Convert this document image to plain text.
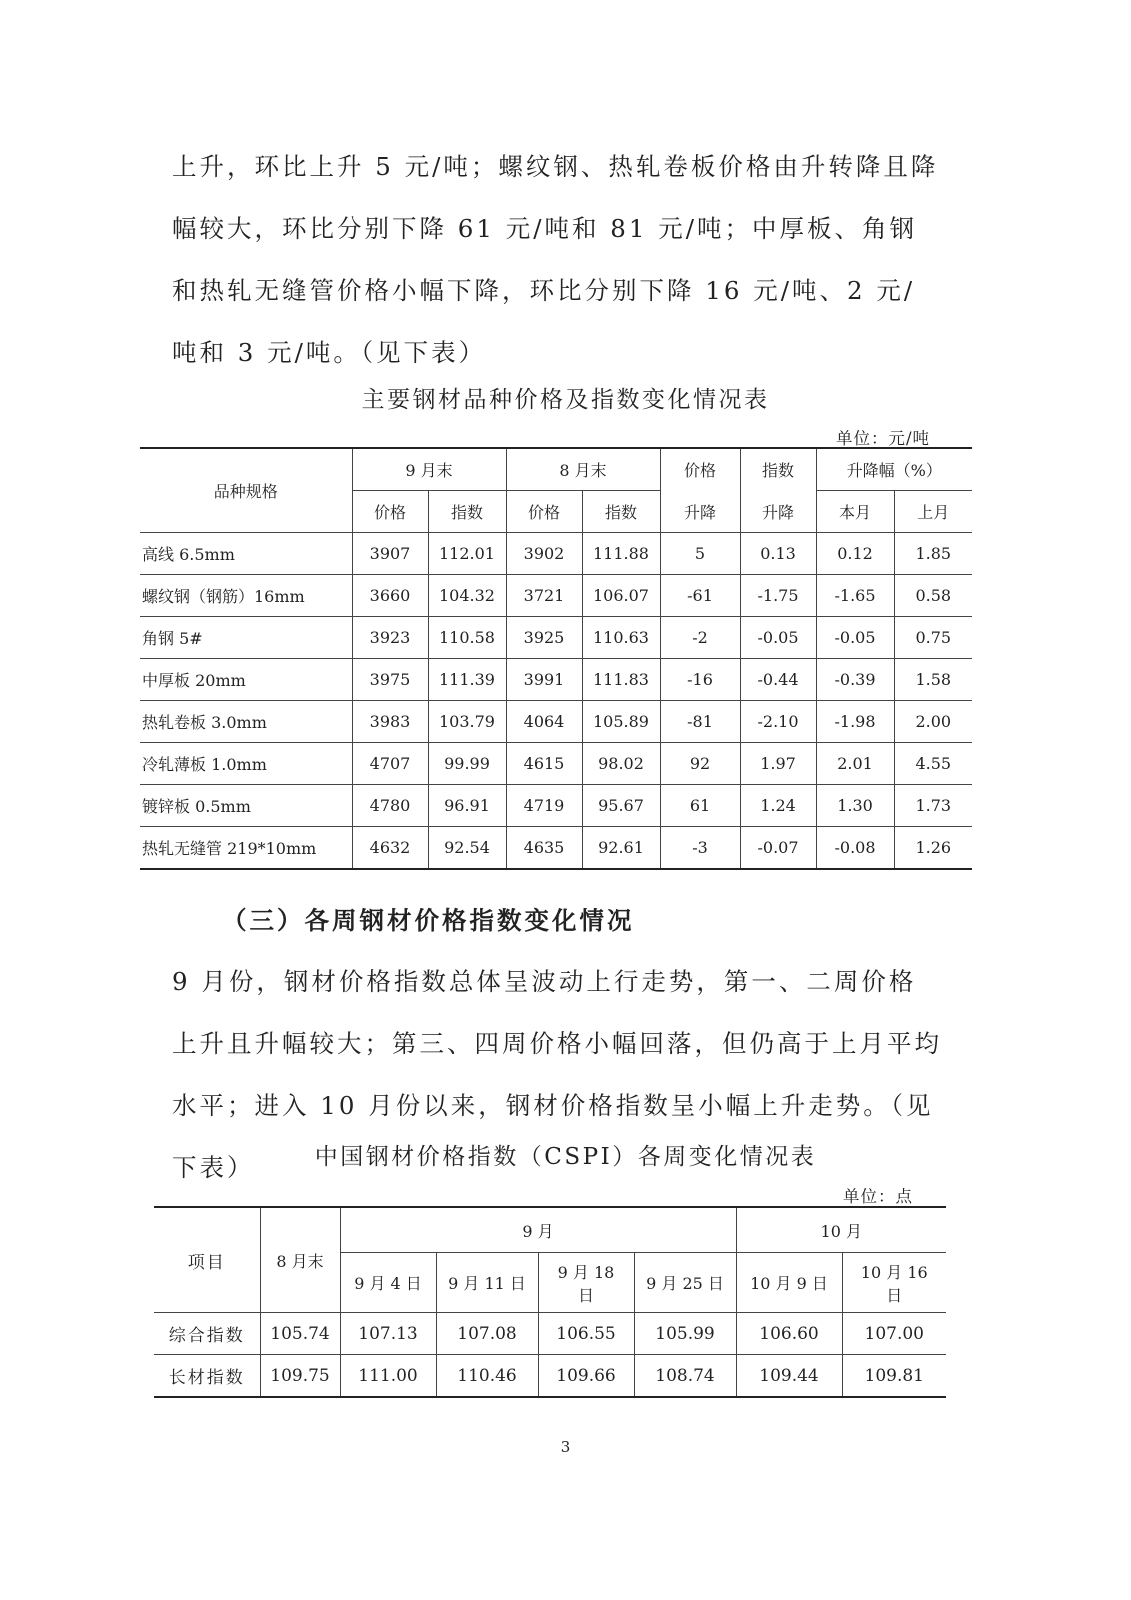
上升，环比上升 5 元/吨；螺纹钢、热轧卷板价格由升转降且降幅较大，环比分别下降 61 元/吨和 81 元/吨；中厚板、角钢和热轧无缝管价格小幅下降，环比分别下降 16 元/吨、2 元/吨和 3 元/吨。（见下表）

主要钢材品种价格及指数变化情况表
单位：元/吨
品种规格	9 月末		8 月末		价格	指数	升降幅（%）	
	价格	指数	价格	指数	升降	升降	本月	上月
高线 6.5mm	3907	112.01	3902	111.88	5	0.13	0.12	1.85
螺纹钢（钢筋）16mm	3660	104.32	3721	106.07	-61	-1.75	-1.65	0.58
角钢 5#	3923	110.58	3925	110.63	-2	-0.05	-0.05	0.75
中厚板 20mm	3975	111.39	3991	111.83	-16	-0.44	-0.39	1.58
热轧卷板 3.0mm	3983	103.79	4064	105.89	-81	-2.10	-1.98	2.00
冷轧薄板 1.0mm	4707	99.99	4615	98.02	92	1.97	2.01	4.55
镀锌板 0.5mm	4780	96.91	4719	95.67	61	1.24	1.30	1.73
热轧无缝管 219*10mm	4632	92.54	4635	92.61	-3	-0.07	-0.08	1.26
（三）各周钢材价格指数变化情况

9 月份，钢材价格指数总体呈波动上行走势，第一、二周价格上升且升幅较大；第三、四周价格小幅回落，但仍高于上月平均水平；进入 10 月份以来，钢材价格指数呈小幅上升走势。（见下表）	中国钢材价格指数（CSPI）各周变化情况表
单位：点
项目	8 月末	9 月				10 月	
		9 月 4 日	9 月 11 日	9 月 18 日	9 月 25 日	10 月 9 日	10 月 16 日
综合指数	105.74	107.13	107.08	106.55	105.99	106.60	107.00
长材指数	109.75	111.00	110.46	109.66	108.74	109.44	109.81
3
